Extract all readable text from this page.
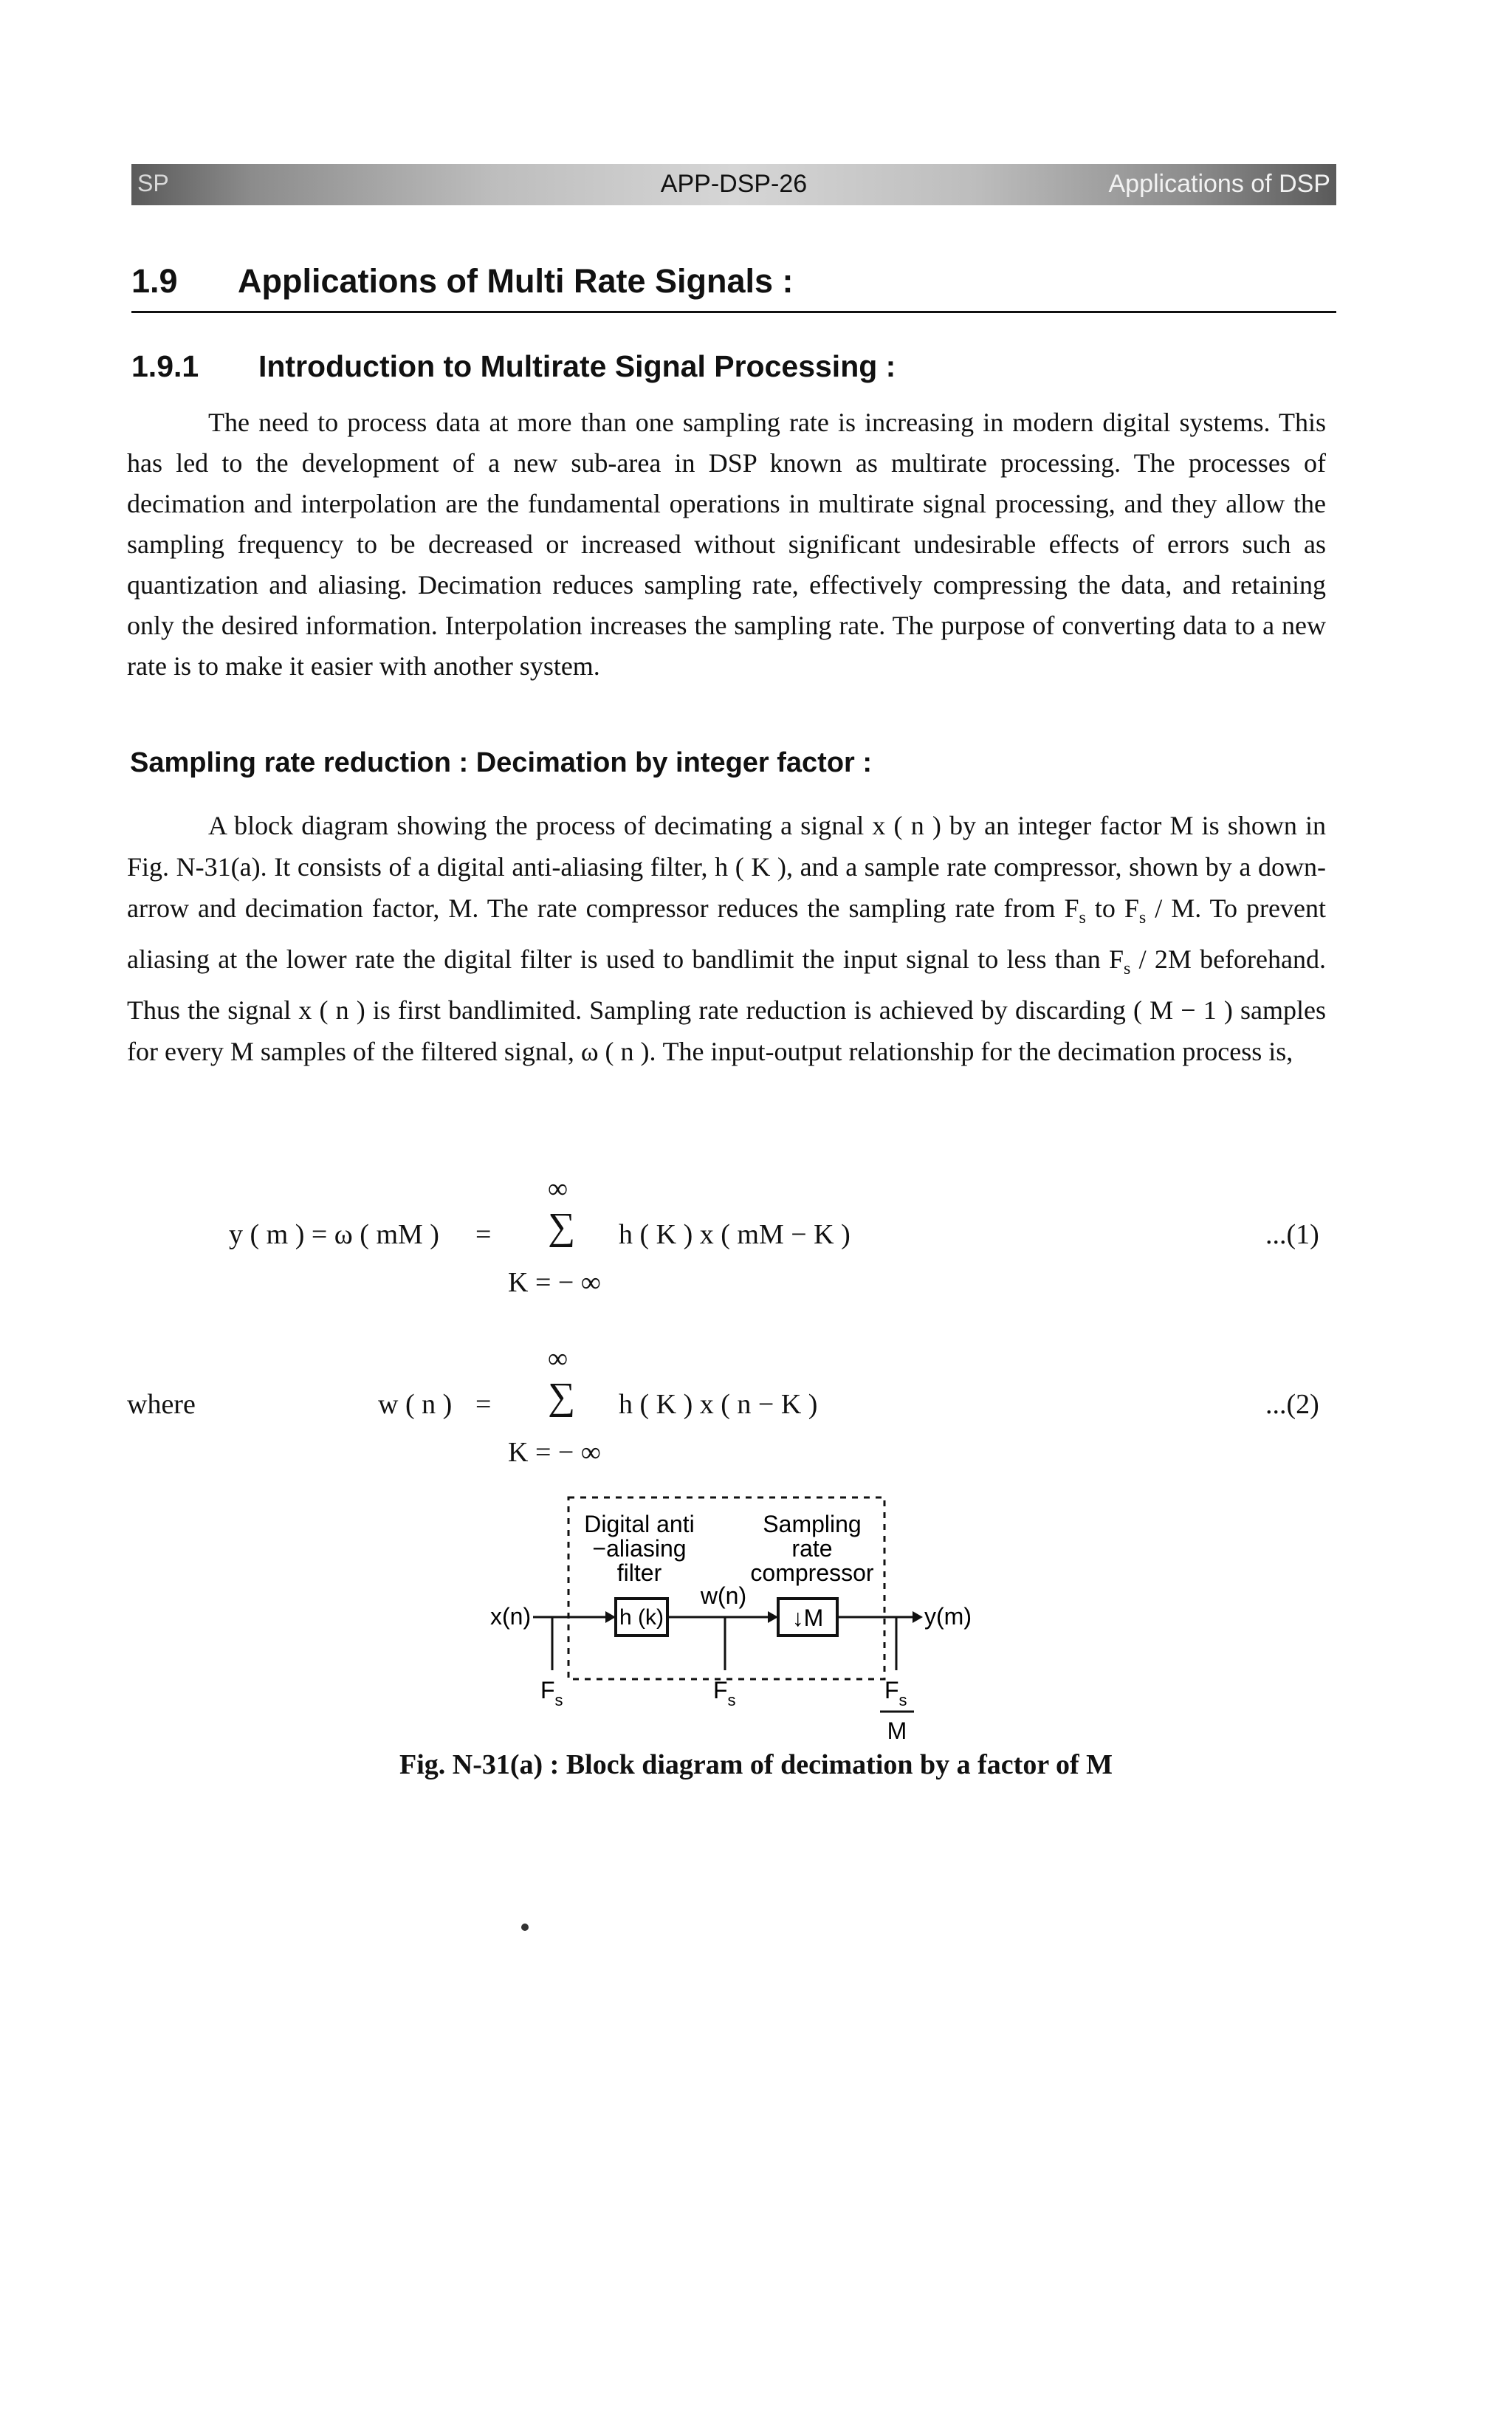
SP	APP-DSP-26	Applications of DSP
1.9 Applications of Multi Rate Signals :
1.9.1 Introduction to Multirate Signal Processing :
The need to process data at more than one sampling rate is increasing in modern digital systems. This has led to the development of a new sub-area in DSP known as multirate processing. The processes of decimation and interpolation are the fundamental operations in multirate signal processing, and they allow the sampling frequency to be decreased or increased without significant undesirable effects of errors such as quantization and aliasing. Decimation reduces sampling rate, effectively compressing the data, and retaining only the desired information. Interpolation increases the sampling rate. The purpose of converting data to a new rate is to make it easier with another system.
Sampling rate reduction : Decimation by integer factor :
A block diagram showing the process of decimating a signal x ( n ) by an integer factor M is shown in Fig. N-31(a). It consists of a digital anti-aliasing filter, h ( K ), and a sample rate compressor, shown by a down-arrow and decimation factor, M. The rate compressor reduces the sampling rate from $F_s$ to $F_s$ / M. To prevent aliasing at the lower rate the digital filter is used to bandlimit the input signal to less than $F_s / 2M$ beforehand. Thus the signal x ( n ) is first bandlimited. Sampling rate reduction is achieved by discarding ( M − 1 ) samples for every M samples of the filtered signal, ω ( n ). The input-output relationship for the decimation process is,
y ( m ) = ω ( mM ) =
∞
∑
K = − ∞
h ( K ) x ( mM − K )	...(1)
where	w ( n ) =
∞
∑
K = − ∞
h ( K ) x ( n − K )	...(2)
Digital anti
−aliasing
filter
Sampling
rate
compressor
x(n)	h (k)
w(n)
↓M	y(m)
$F_s$	$F_s$	$F_s$
M
Fig. N-31(a) : Block diagram of decimation by a factor of M
